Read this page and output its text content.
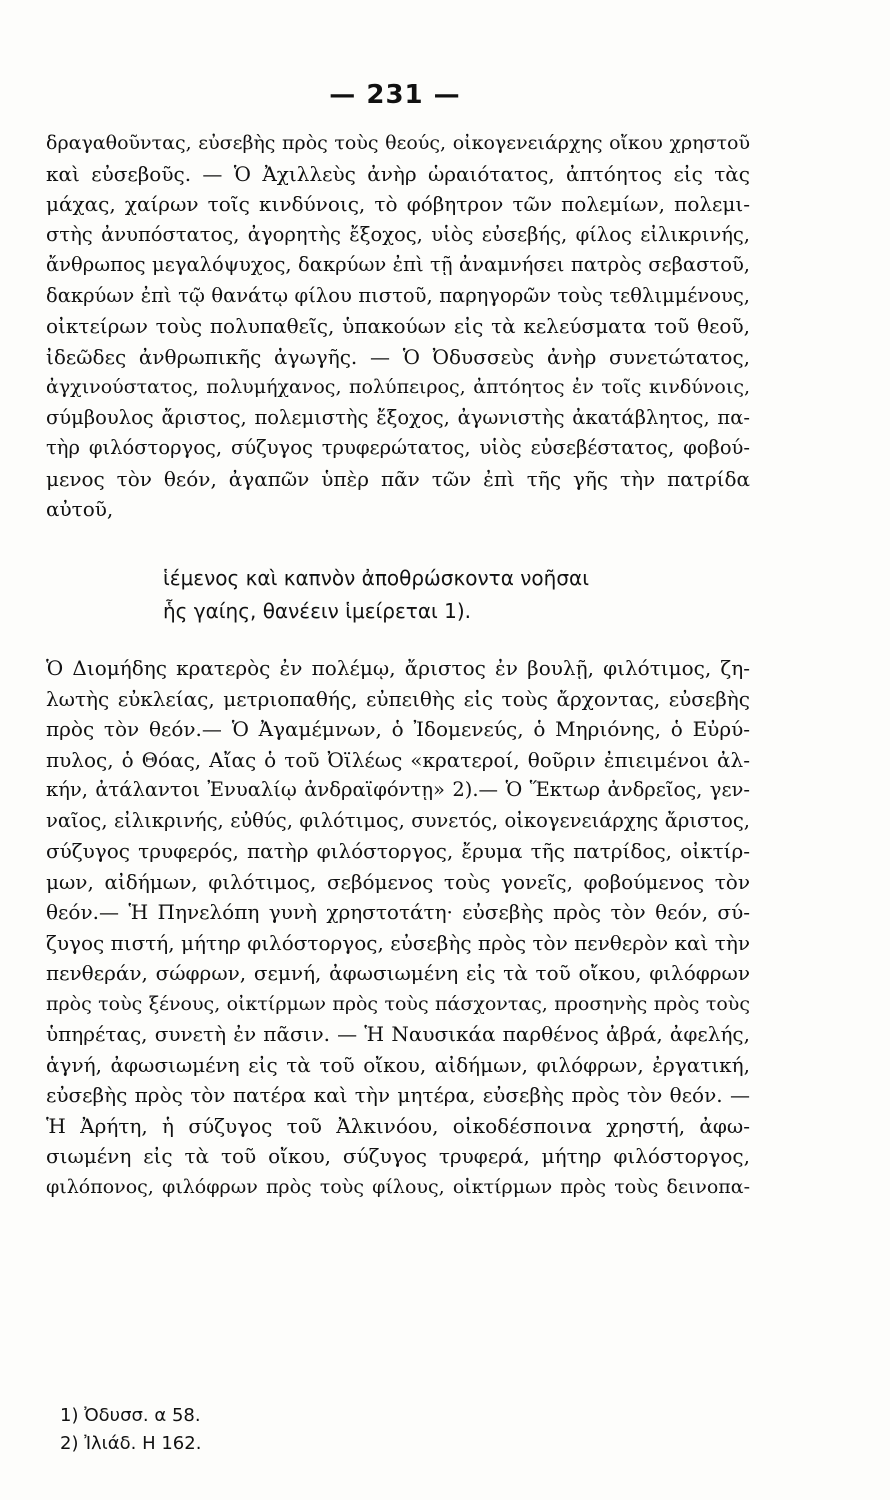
— 231 —
δραγαθοῦντας, εὐσεβὴς πρὸς τοὺς θεούς, οἰκογενειάρχης οἴκου χρηστοῦ
καὶ εὐσεβοῦς. — Ὁ Ἀχιλλεὺς ἀνὴρ ὡραιότατος, ἀπτόητος εἰς τὰς
μάχας, χαίρων τοῖς κινδύνοις, τὸ φόβητρον τῶν πολεμίων, πολεμι-
στὴς ἀνυπόστατος, ἀγορητὴς ἔξοχος, υἱὸς εὐσεβής, φίλος εἰλικρινής,
ἄνθρωπος μεγαλόψυχος, δακρύων ἐπὶ τῇ ἀναμνήσει πατρὸς σεβαστοῦ,
δακρύων ἐπὶ τῷ θανάτῳ φίλου πιστοῦ, παρηγορῶν τοὺς τεθλιμμένους,
οἰκτείρων τοὺς πολυπαθεῖς, ὑπακούων εἰς τὰ κελεύσματα τοῦ θεοῦ,
ἰδεῶδες ἀνθρωπικῆς ἀγωγῆς. — Ὁ Ὀδυσσεὺς ἀνὴρ συνετώτατος,
ἀγχινούστατος, πολυμήχανος, πολύπειρος, ἀπτόητος ἐν τοῖς κινδύνοις,
σύμβουλος ἄριστος, πολεμιστὴς ἔξοχος, ἀγωνιστὴς ἀκατάβλητος, πα-
τὴρ φιλόστοργος, σύζυγος τρυφερώτατος, υἱὸς εὐσεβέστατος, φοβού-
μενος τὸν θεόν, ἀγαπῶν ὑπὲρ πᾶν τῶν ἐπὶ τῆς γῆς τὴν πατρίδα
αὐτοῦ,
ἱέμενος καὶ καπνὸν ἀποθρώσκοντα νοῆσαι
ἧς γαίης, θανέειν ἱμείρεται 1).
Ὁ Διομήδης κρατερὸς ἐν πολέμῳ, ἄριστος ἐν βουλῇ, φιλότιμος, ζη-
λωτὴς εὐκλείας, μετριοπαθής, εὐπειθὴς εἰς τοὺς ἄρχοντας, εὐσεβὴς
πρὸς τὸν θεόν.— Ὁ Ἀγαμέμνων, ὁ Ἰδομενεύς, ὁ Μηριόνης, ὁ Εὐρύ-
πυλος, ὁ Θόας, Αἴας ὁ τοῦ Ὀϊλέως «κρατεροί, θοῦριν ἐπιειμένοι ἀλ-
κήν, ἀτάλαντοι Ἐνυαλίῳ ἀνδραϊφόντῃ» 2).— Ὁ Ἕκτωρ ἀνδρεῖος, γεν-
ναῖος, εἰλικρινής, εὐθύς, φιλότιμος, συνετός, οἰκογενειάρχης ἄριστος,
σύζυγος τρυφερός, πατὴρ φιλόστοργος, ἔρυμα τῆς πατρίδος, οἰκτίρ-
μων, αἰδήμων, φιλότιμος, σεβόμενος τοὺς γονεῖς, φοβούμενος τὸν
θεόν.— Ἡ Πηνελόπη γυνὴ χρηστοτάτη· εὐσεβὴς πρὸς τὸν θεόν, σύ-
ζυγος πιστή, μήτηρ φιλόστοργος, εὐσεβὴς πρὸς τὸν πενθερὸν καὶ τὴν
πενθεράν, σώφρων, σεμνή, ἀφωσιωμένη εἰς τὰ τοῦ οἴκου, φιλόφρων
πρὸς τοὺς ξένους, οἰκτίρμων πρὸς τοὺς πάσχοντας, προσηνὴς πρὸς τοὺς
ὑπηρέτας, συνετὴ ἐν πᾶσιν. — Ἡ Ναυσικάα παρθένος ἀβρά, ἀφελής,
ἁγνή, ἀφωσιωμένη εἰς τὰ τοῦ οἴκου, αἰδήμων, φιλόφρων, ἐργατική,
εὐσεβὴς πρὸς τὸν πατέρα καὶ τὴν μητέρα, εὐσεβὴς πρὸς τὸν θεόν. —
Ἡ Ἀρήτη, ἡ σύζυγος τοῦ Ἀλκινόου, οἰκοδέσποινα χρηστή, ἀφω-
σιωμένη εἰς τὰ τοῦ οἴκου, σύζυγος τρυφερά, μήτηρ φιλόστοργος,
φιλόπονος, φιλόφρων πρὸς τοὺς φίλους, οἰκτίρμων πρὸς τοὺς δεινοπα-
1) Ὀδυσσ. α 58.
2) Ἰλιάδ. Η 162.
